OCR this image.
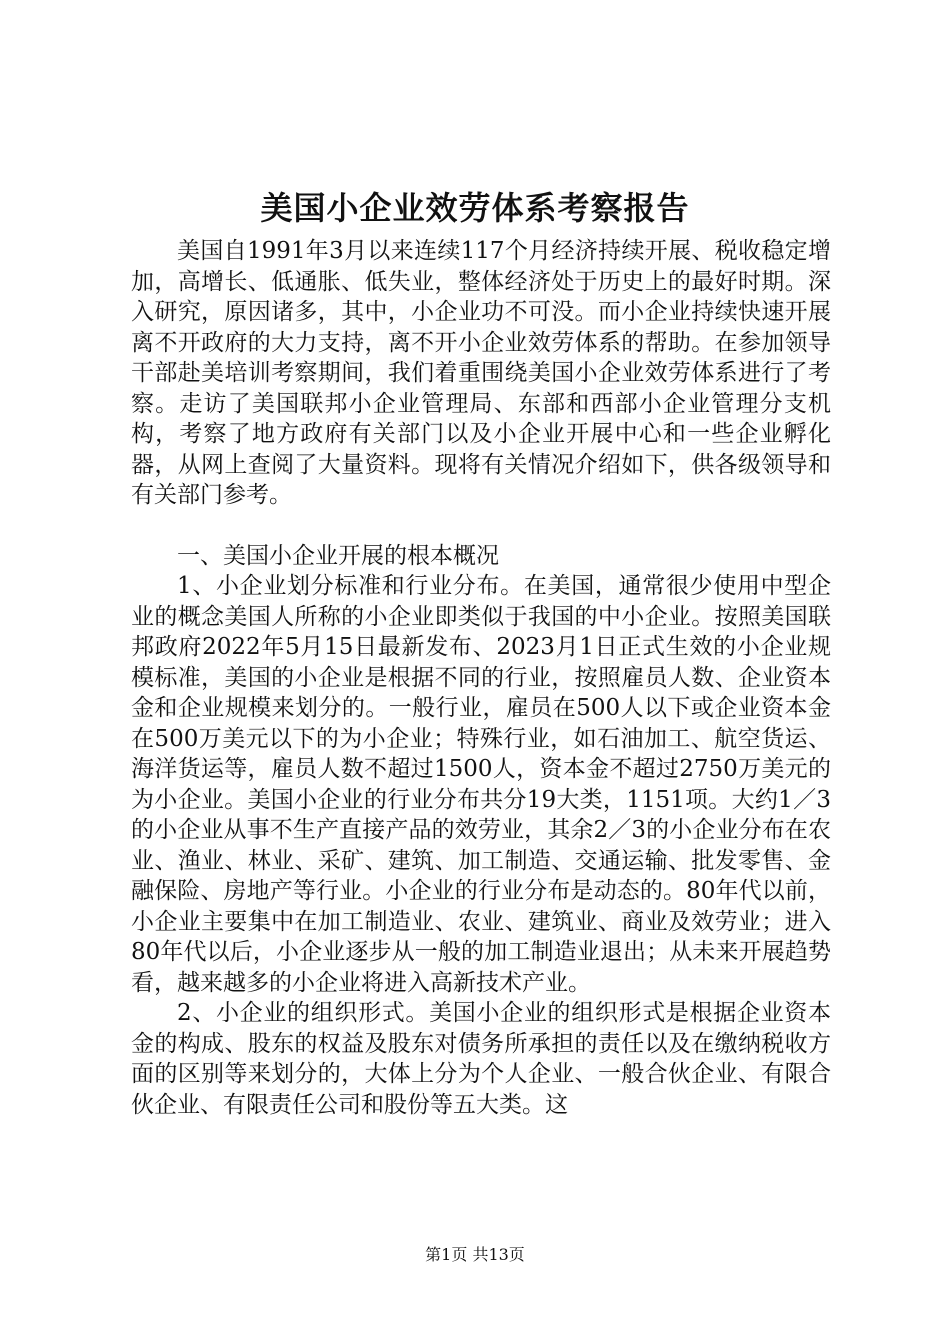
美国小企业效劳体系考察报告

美国自1991年3月以来连续117个月经济持续开展、税收稳定增加，高增长、低通胀、低失业，整体经济处于历史上的最好时期。深入研究，原因诸多，其中，小企业功不可没。而小企业持续快速开展离不开政府的大力支持，离不开小企业效劳体系的帮助。在参加领导干部赴美培训考察期间，我们着重围绕美国小企业效劳体系进行了考察。走访了美国联邦小企业管理局、东部和西部小企业管理分支机构，考察了地方政府有关部门以及小企业开展中心和一些企业孵化器，从网上查阅了大量资料。现将有关情况介绍如下，供各级领导和有关部门参考。

一、美国小企业开展的根本概况

1、小企业划分标准和行业分布。在美国，通常很少使用中型企业的概念美国人所称的小企业即类似于我国的中小企业。按照美国联邦政府2022年5月15日最新发布、2023月1日正式生效的小企业规模标准，美国的小企业是根据不同的行业，按照雇员人数、企业资本金和企业规模来划分的。一般行业，雇员在500人以下或企业资本金在500万美元以下的为小企业；特殊行业，如石油加工、航空货运、海洋货运等，雇员人数不超过1500人，资本金不超过2750万美元的为小企业。美国小企业的行业分布共分19大类，1151项。大约1／3的小企业从事不生产直接产品的效劳业，其余2／3的小企业分布在农业、渔业、林业、采矿、建筑、加工制造、交通运输、批发零售、金融保险、房地产等行业。小企业的行业分布是动态的。80年代以前，小企业主要集中在加工制造业、农业、建筑业、商业及效劳业；进入80年代以后，小企业逐步从一般的加工制造业退出；从未来开展趋势看，越来越多的小企业将进入高新技术产业。

2、小企业的组织形式。美国小企业的组织形式是根据企业资本金的构成、股东的权益及股东对债务所承担的责任以及在缴纳税收方面的区别等来划分的，大体上分为个人企业、一般合伙企业、有限合伙企业、有限责任公司和股份等五大类。这

第1页 共13页
